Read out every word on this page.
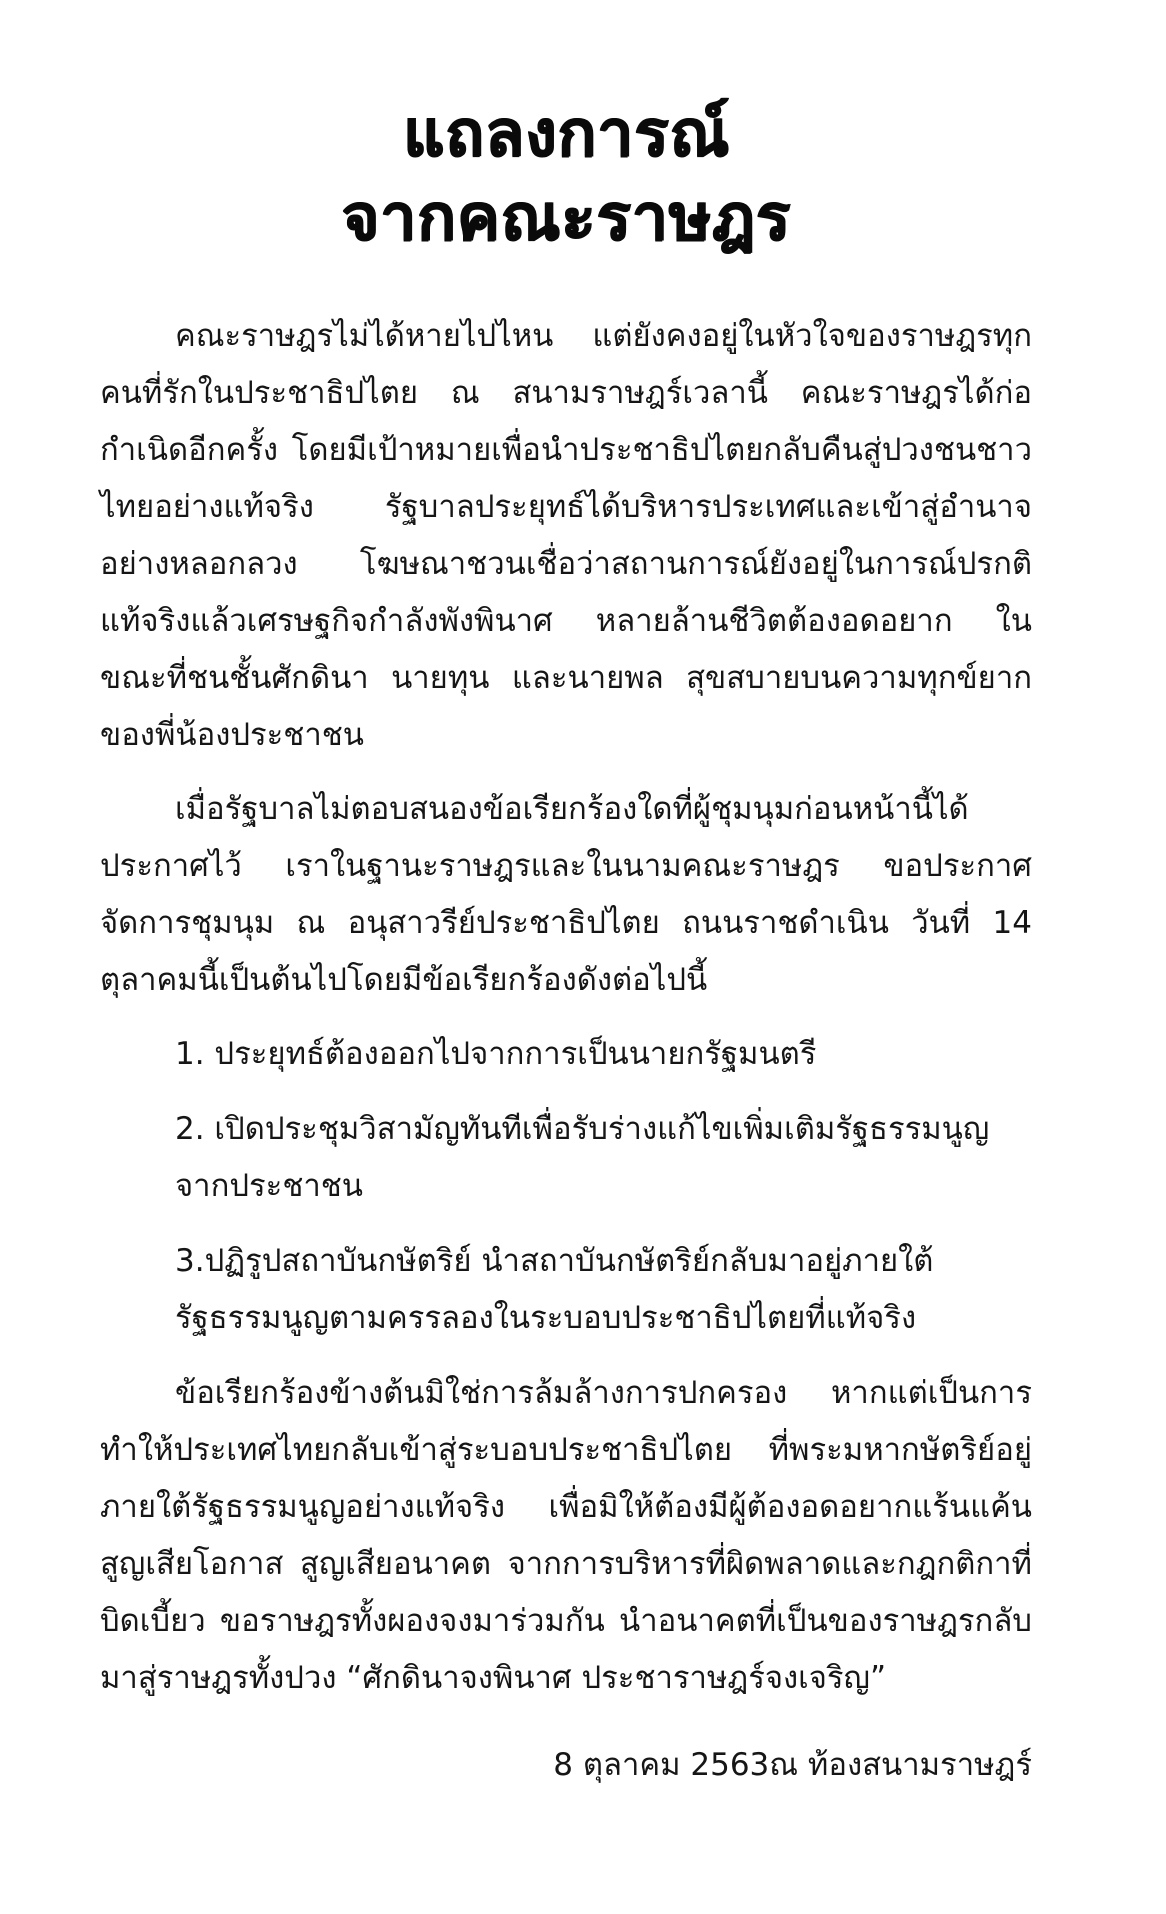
แถลงการณ์
จากคณะราษฎร

คณะราษฎรไม่ได้หายไปไหน แต่ยังคงอยู่ในหัวใจของราษฎรทุกคนที่รักในประชาธิปไตย ณ สนามราษฎร์เวลานี้ คณะราษฎรได้ก่อกำเนิดอีกครั้ง โดยมีเป้าหมายเพื่อนำประชาธิปไตยกลับคืนสู่ปวงชนชาวไทยอย่างแท้จริง รัฐบาลประยุทธ์ได้บริหารประเทศและเข้าสู่อำนาจอย่างหลอกลวง โฆษณาชวนเชื่อว่าสถานการณ์ยังอยู่ในการณ์ปรกติ แท้จริงแล้วเศรษฐกิจกำลังพังพินาศ หลายล้านชีวิตต้องอดอยาก ในขณะที่ชนชั้นศักดินา นายทุน และนายพล สุขสบายบนความทุกข์ยากของพี่น้องประชาชน

เมื่อรัฐบาลไม่ตอบสนองข้อเรียกร้องใดที่ผู้ชุมนุมก่อนหน้านี้ได้ประกาศไว้ เราในฐานะราษฎรและในนามคณะราษฎร ขอประกาศจัดการชุมนุม ณ อนุสาวรีย์ประชาธิปไตย ถนนราชดำเนิน วันที่ 14 ตุลาคมนี้เป็นต้นไปโดยมีข้อเรียกร้องดังต่อไปนี้

1. ประยุทธ์ต้องออกไปจากการเป็นนายกรัฐมนตรี

2. เปิดประชุมวิสามัญทันทีเพื่อรับร่างแก้ไขเพิ่มเติมรัฐธรรมนูญจากประชาชน

3.ปฏิรูปสถาบันกษัตริย์ นำสถาบันกษัตริย์กลับมาอยู่ภายใต้รัฐธรรมนูญตามครรลองในระบอบประชาธิปไตยที่แท้จริง

ข้อเรียกร้องข้างต้นมิใช่การล้มล้างการปกครอง หากแต่เป็นการทำให้ประเทศไทยกลับเข้าสู่ระบอบประชาธิปไตย ที่พระมหากษัตริย์อยู่ภายใต้รัฐธรรมนูญอย่างแท้จริง เพื่อมิให้ต้องมีผู้ต้องอดอยากแร้นแค้น สูญเสียโอกาส สูญเสียอนาคต จากการบริหารที่ผิดพลาดและกฎกติกาที่บิดเบี้ยว ขอราษฎรทั้งผองจงมาร่วมกัน นำอนาคตที่เป็นของราษฎรกลับมาสู่ราษฎรทั้งปวง “ศักดินาจงพินาศ ประชาราษฎร์จงเจริญ”

8 ตุลาคม 2563ณ ท้องสนามราษฎร์
